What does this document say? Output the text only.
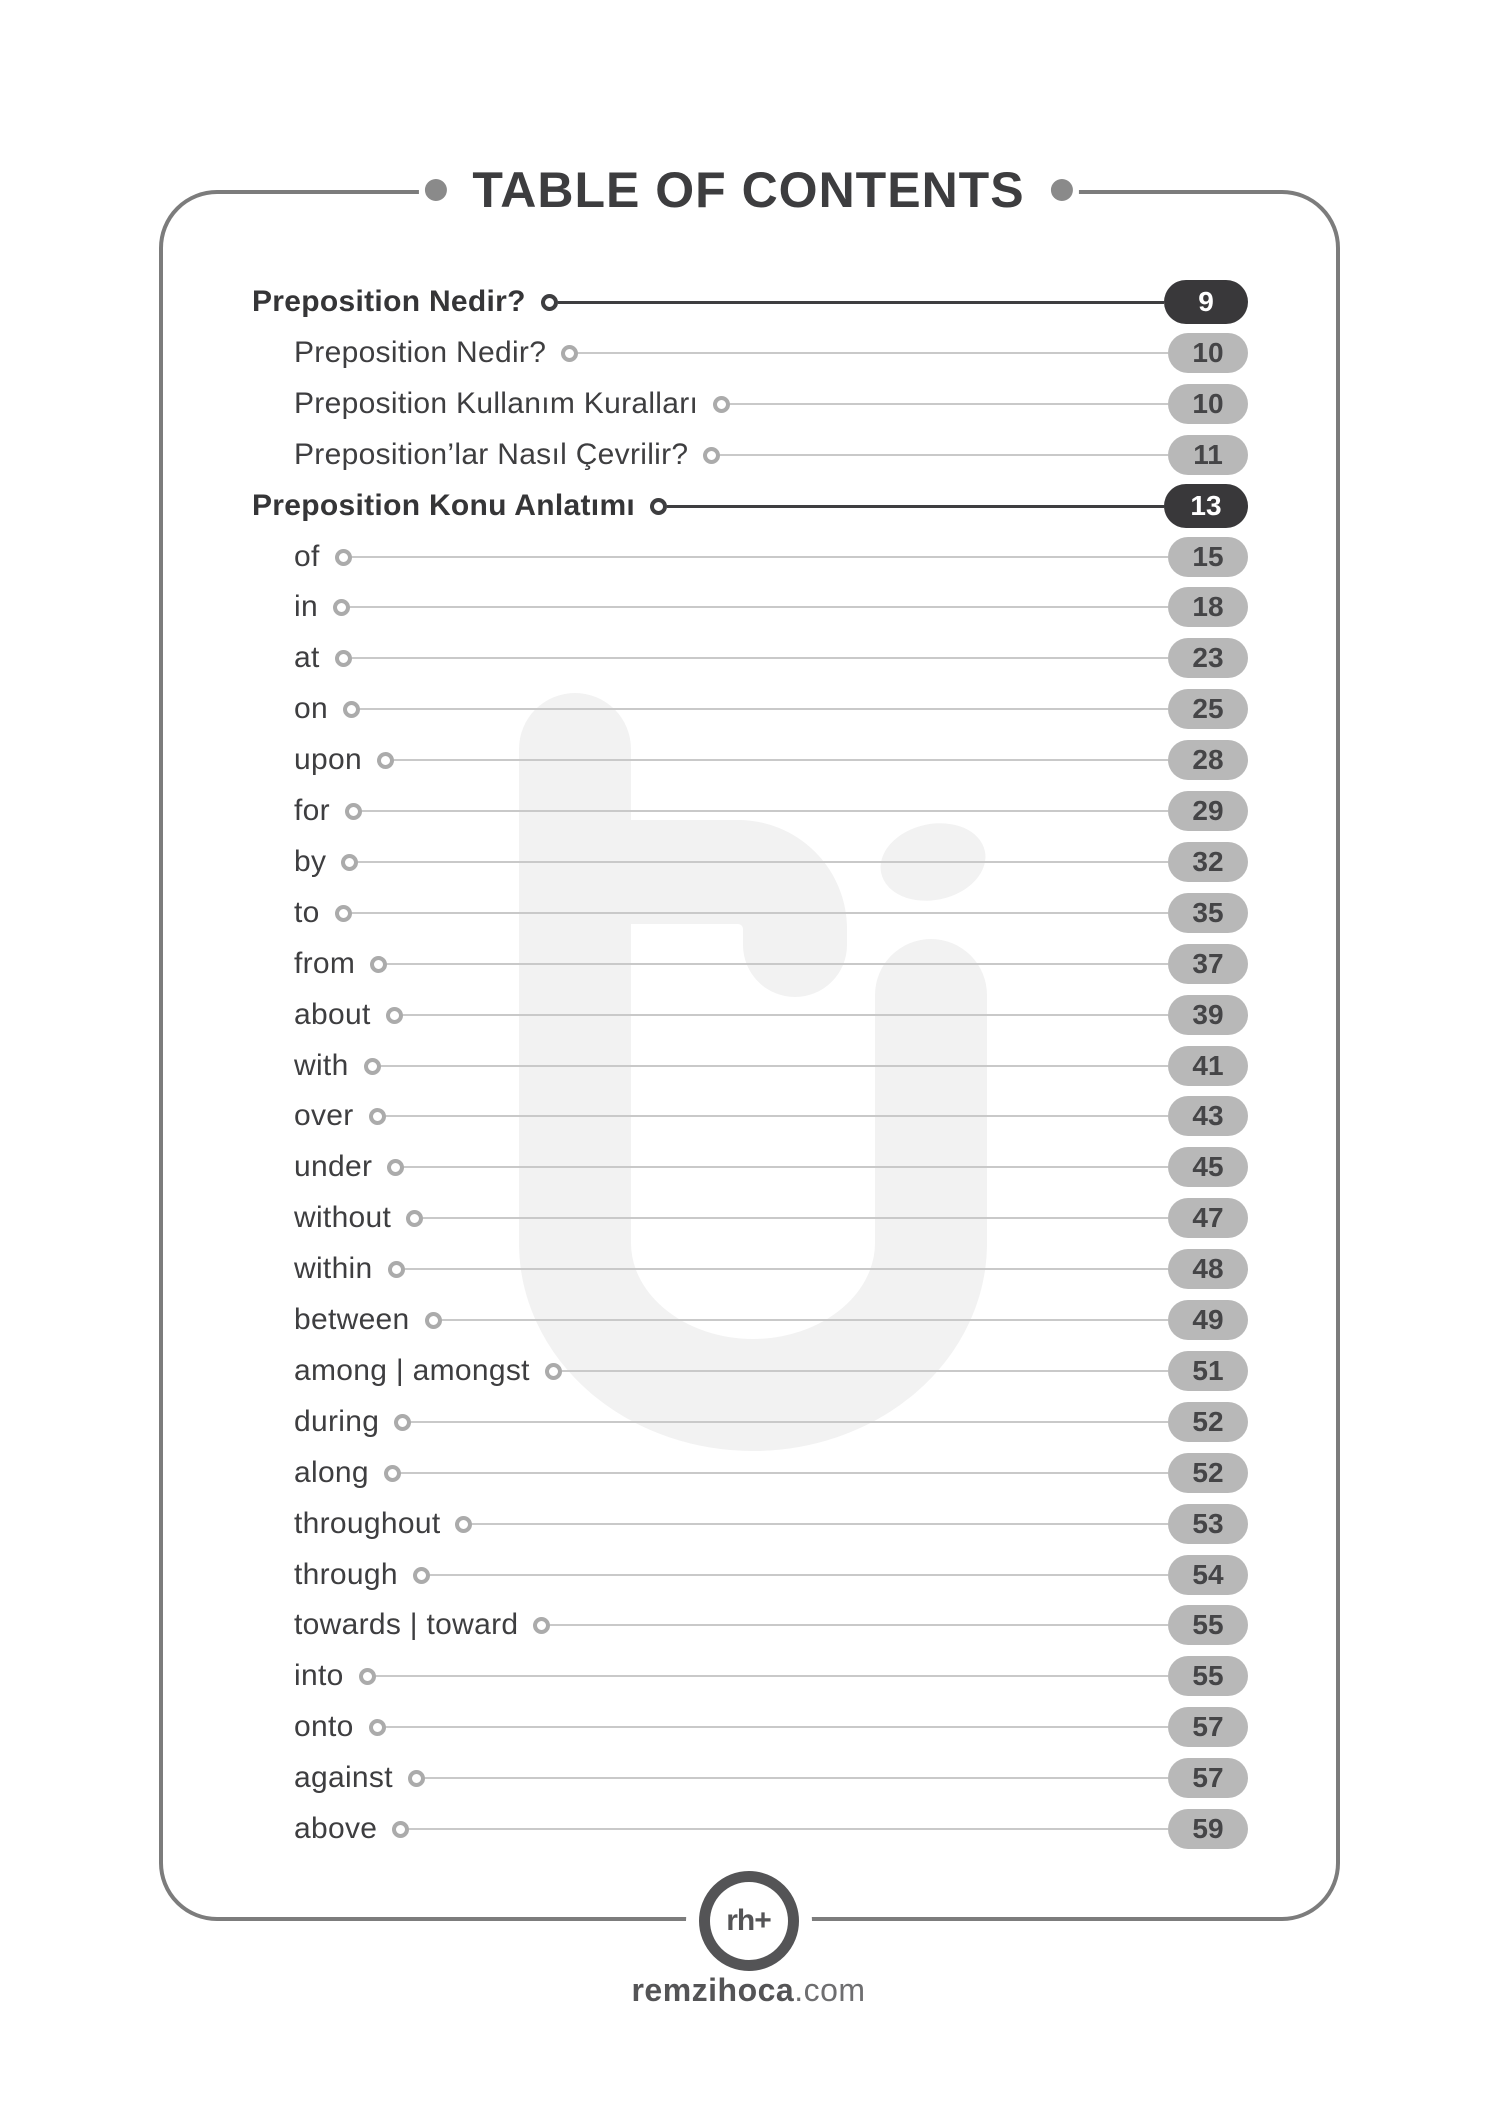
TABLE OF CONTENTS
Preposition Nedir?	9
Preposition Nedir?	10
Preposition Kullanım Kuralları	10
Preposition’lar Nasıl Çevrilir?	11
Preposition Konu Anlatımı	13
of	15
in	18
at	23
on	25
upon	28
for	29
by	32
to	35
from	37
about	39
with	41
over	43
under	45
without	47
within	48
between	49
among | amongst	51
during	52
along	52
throughout	53
through	54
towards | toward	55
into	55
onto	57
against	57
above	59
rh+
remzihoca.com
